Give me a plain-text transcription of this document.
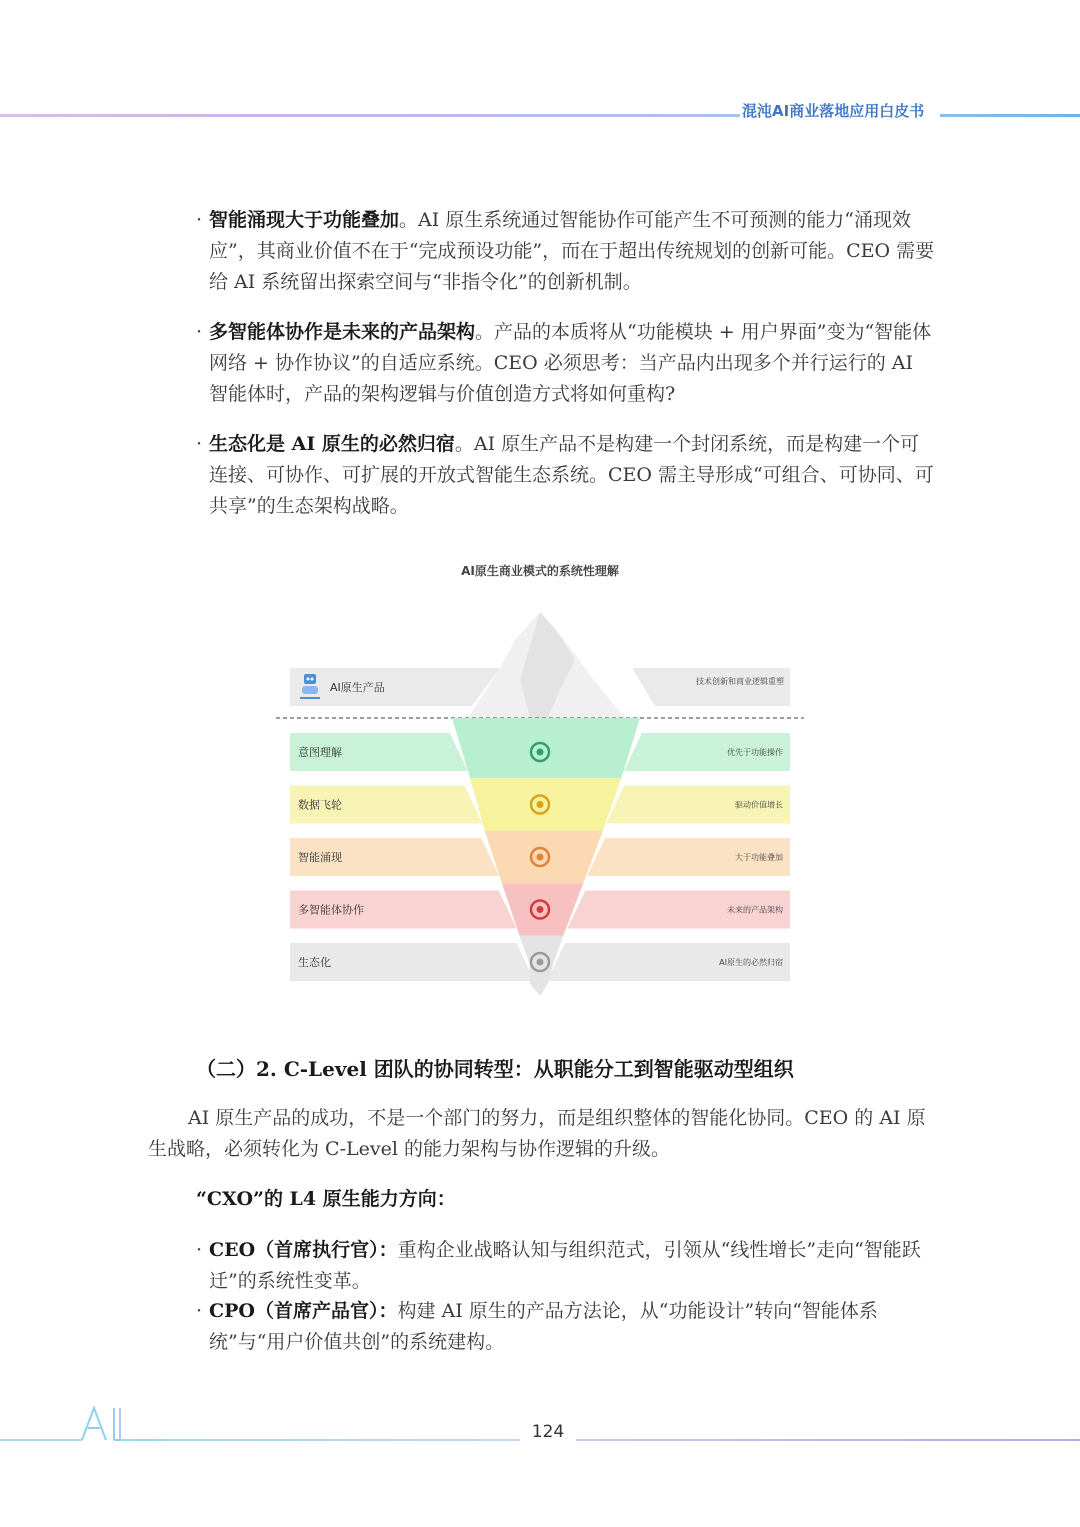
混沌AI商业落地应用白皮书
· 智能涌现大于功能叠加。AI 原生系统通过智能协作可能产生不可预测的能力“涌现效应”，其商业价值不在于“完成预设功能”，而在于超出传统规划的创新可能。CEO 需要给 AI 系统留出探索空间与“非指令化”的创新机制。
· 多智能体协作是未来的产品架构。产品的本质将从“功能模块 + 用户界面”变为“智能体网络 + 协作协议”的自适应系统。CEO 必须思考：当产品内出现多个并行运行的 AI 智能体时，产品的架构逻辑与价值创造方式将如何重构?
· 生态化是 AI 原生的必然归宿。AI 原生产品不是构建一个封闭系统，而是构建一个可连接、可协作、可扩展的开放式智能生态系统。CEO 需主导形成“可组合、可协同、可共享”的生态架构战略。
AI原生商业模式的系统性理解
意图理解	优先于功能操作
数据飞轮	驱动价值增长
智能涌现	大于功能叠加
多智能体协作	未来的产品架构
生态化	AI原生的必然归宿
AI原生产品	技术创新和商业逻辑重塑
（二）2. C-Level 团队的协同转型：从职能分工到智能驱动型组织
AI 原生产品的成功，不是一个部门的努力，而是组织整体的智能化协同。CEO 的 AI 原生战略，必须转化为 C-Level 的能力架构与协作逻辑的升级。
“CXO”的 L4 原生能力方向：
· CEO（首席执行官）：重构企业战略认知与组织范式，引领从“线性增长”走向“智能跃迁”的系统性变革。
· CPO（首席产品官）：构建 AI 原生的产品方法论，从“功能设计”转向“智能体系统”与“用户价值共创”的系统建构。
124
